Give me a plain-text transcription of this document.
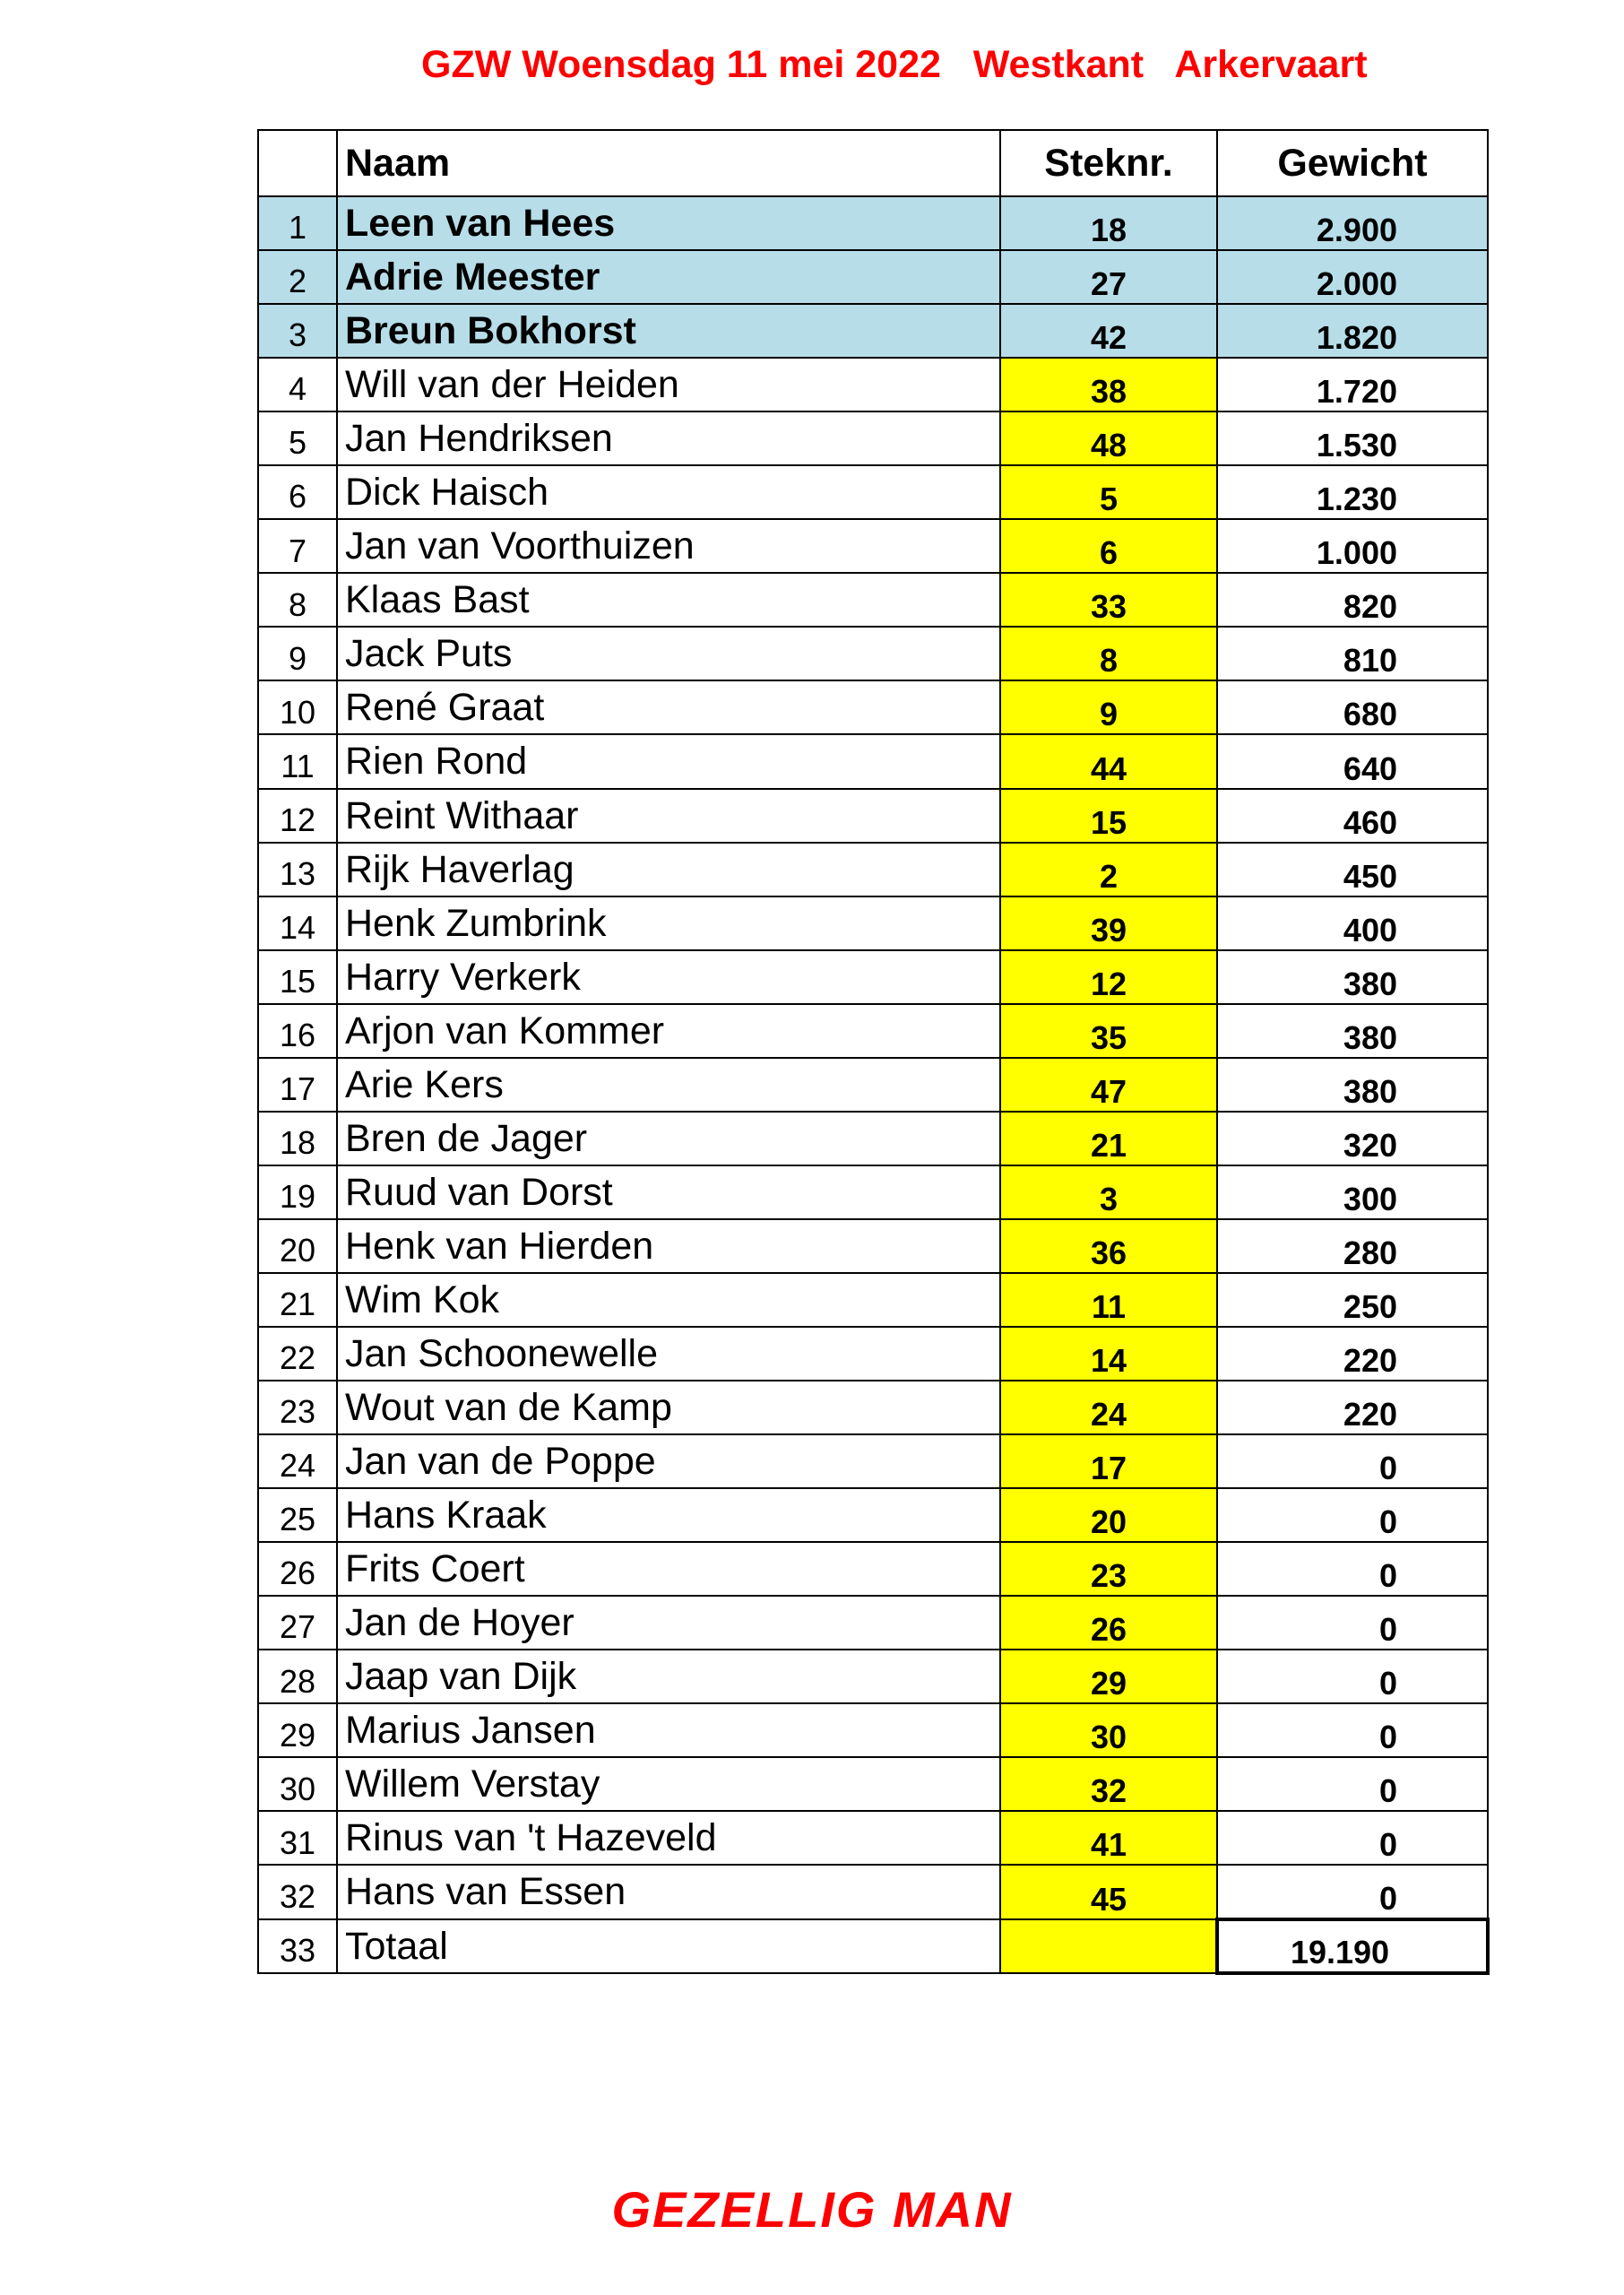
GZW Woensdag 11 mei 2022   Westkant   Arkervaart
	Naam	Steknr.	Gewicht
1	Leen van Hees	18	2.900
2	Adrie Meester	27	2.000
3	Breun Bokhorst	42	1.820
4	Will van der Heiden	38	1.720
5	Jan Hendriksen	48	1.530
6	Dick Haisch	5	1.230
7	Jan van Voorthuizen	6	1.000
8	Klaas Bast	33	820
9	Jack Puts	8	810
10	René Graat	9	680
11	Rien Rond	44	640
12	Reint Withaar	15	460
13	Rijk Haverlag	2	450
14	Henk Zumbrink	39	400
15	Harry Verkerk	12	380
16	Arjon van Kommer	35	380
17	Arie Kers	47	380
18	Bren de Jager	21	320
19	Ruud van Dorst	3	300
20	Henk van Hierden	36	280
21	Wim Kok	11	250
22	Jan Schoonewelle	14	220
23	Wout van de Kamp	24	220
24	Jan van de Poppe	17	0
25	Hans Kraak	20	0
26	Frits Coert	23	0
27	Jan de Hoyer	26	0
28	Jaap van Dijk	29	0
29	Marius Jansen	30	0
30	Willem Verstay	32	0
31	Rinus van 't Hazeveld	41	0
32	Hans van Essen	45	0
33	Totaal		19.190
GEZELLIG MAN
